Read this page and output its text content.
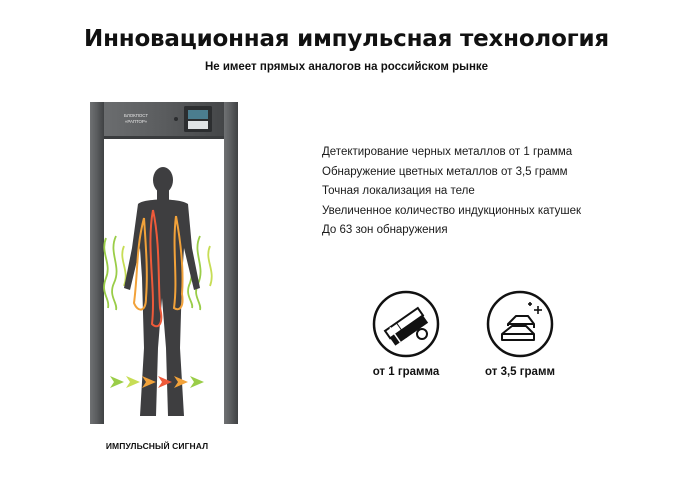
Инновационная импульсная технология
Не имеет прямых аналогов на российском рынке
БЛОКПОСТ
«РАПТОР»
ИМПУЛЬСНЫЙ СИГНАЛ
Детектирование черных металлов от 1 грамма
Обнаружение цветных металлов от 3,5 грамм
Точная локализация на теле
Увеличенное количество индукционных катушек
До 63 зон обнаружения
от 1 грамма	от 3,5 грамм
